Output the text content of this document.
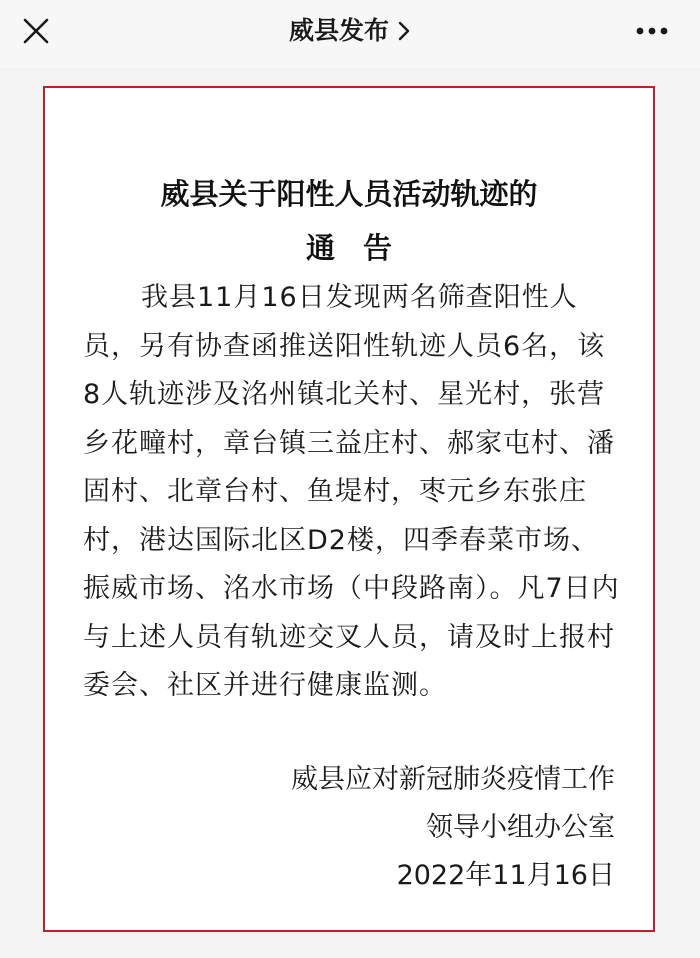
威县发布
威县关于阳性人员活动轨迹的
通告
我县11月16日发现两名筛查阳性人员，另有协查函推送阳性轨迹人员6名，该8人轨迹涉及洺州镇北关村、星光村，张营乡花疃村，章台镇三益庄村、郝家屯村、潘固村、北章台村、鱼堤村，枣元乡东张庄村，港达国际北区D2楼，四季春菜市场、振威市场、洺水市场（中段路南）。凡7日内与上述人员有轨迹交叉人员，请及时上报村委会、社区并进行健康监测。
威县应对新冠肺炎疫情工作
领导小组办公室
2022年11月16日
